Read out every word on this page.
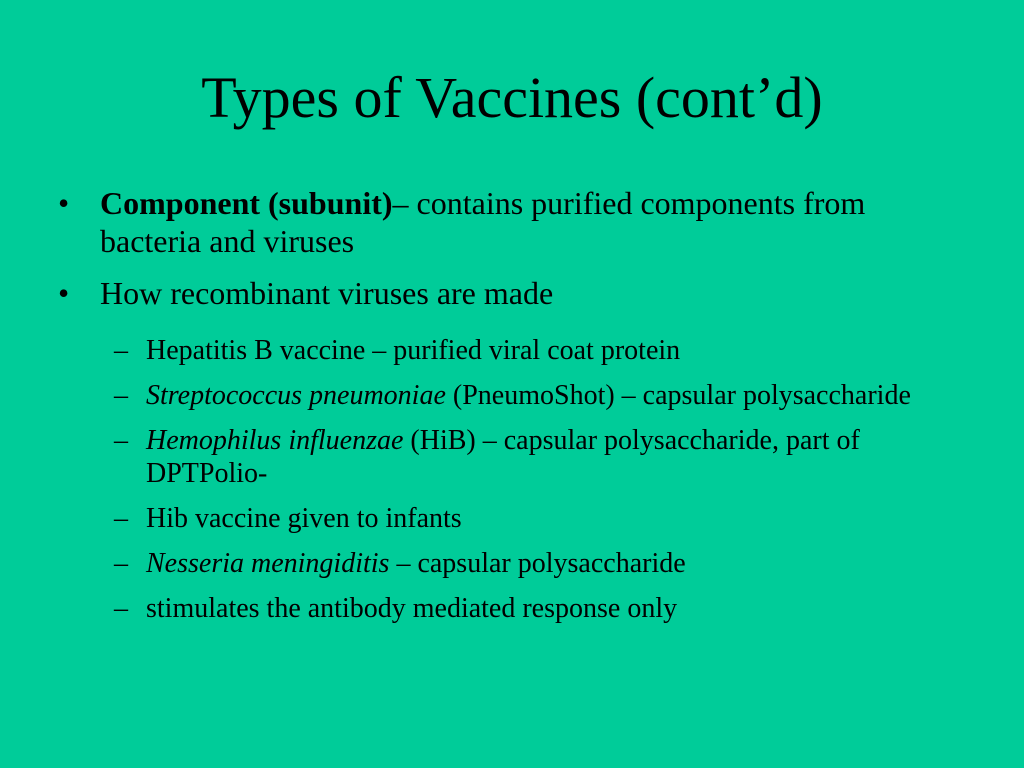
Types of Vaccines (cont’d)
• Component (subunit)– contains purified components from bacteria and viruses
• How recombinant viruses are made
– Hepatitis B vaccine – purified viral coat protein
– Streptococcus pneumoniae (PneumoShot) – capsular polysaccharide
– Hemophilus influenzae (HiB) – capsular polysaccharide, part of DPTPolio-
– Hib vaccine given to infants
– Nesseria meningiditis – capsular polysaccharide
– stimulates the antibody mediated response only
